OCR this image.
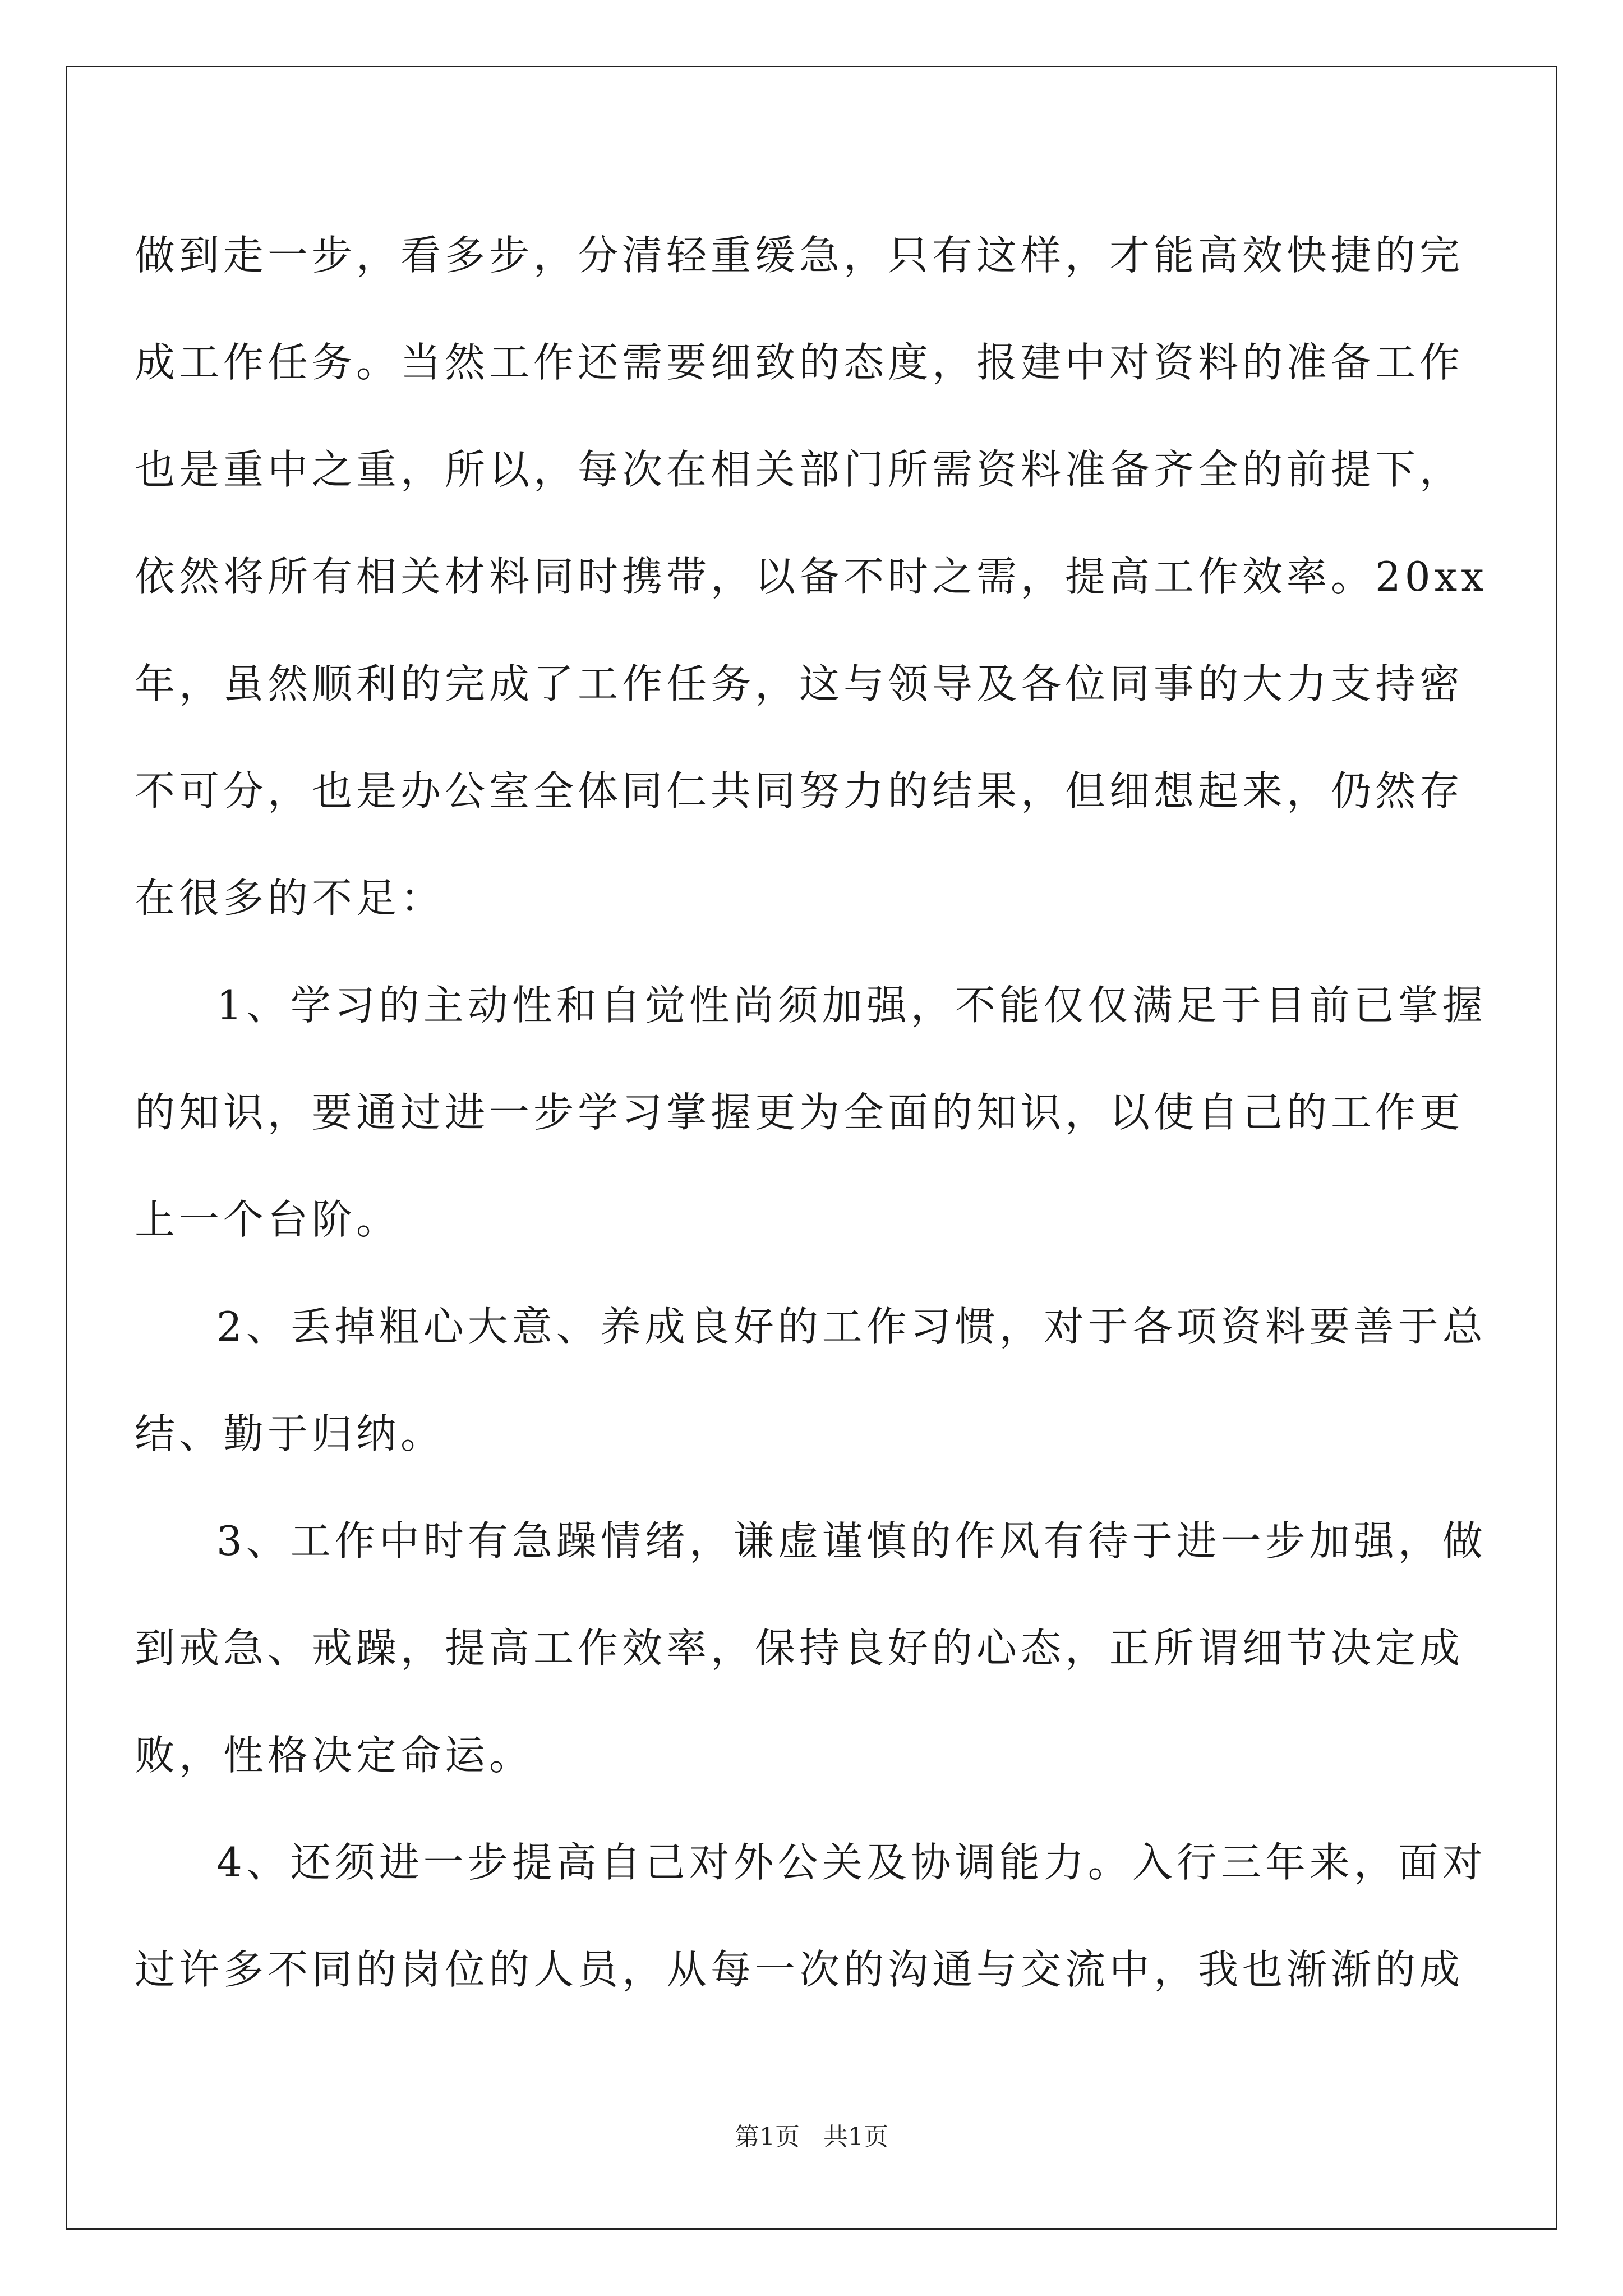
做到走一步，看多步，分清轻重缓急，只有这样，才能高效快捷的完
成工作任务。当然工作还需要细致的态度，报建中对资料的准备工作
也是重中之重，所以，每次在相关部门所需资料准备齐全的前提下，
依然将所有相关材料同时携带，以备不时之需，提高工作效率。20xx
年，虽然顺利的完成了工作任务，这与领导及各位同事的大力支持密
不可分，也是办公室全体同仁共同努力的结果，但细想起来，仍然存
在很多的不足：
1、学习的主动性和自觉性尚须加强，不能仅仅满足于目前已掌握
的知识，要通过进一步学习掌握更为全面的知识，以使自己的工作更
上一个台阶。
2、丢掉粗心大意、养成良好的工作习惯，对于各项资料要善于总
结、勤于归纳。
3、工作中时有急躁情绪，谦虚谨慎的作风有待于进一步加强，做
到戒急、戒躁，提高工作效率，保持良好的心态，正所谓细节决定成
败，性格决定命运。
4、还须进一步提高自己对外公关及协调能力。入行三年来，面对
过许多不同的岗位的人员，从每一次的沟通与交流中，我也渐渐的成
第1页   共1页
